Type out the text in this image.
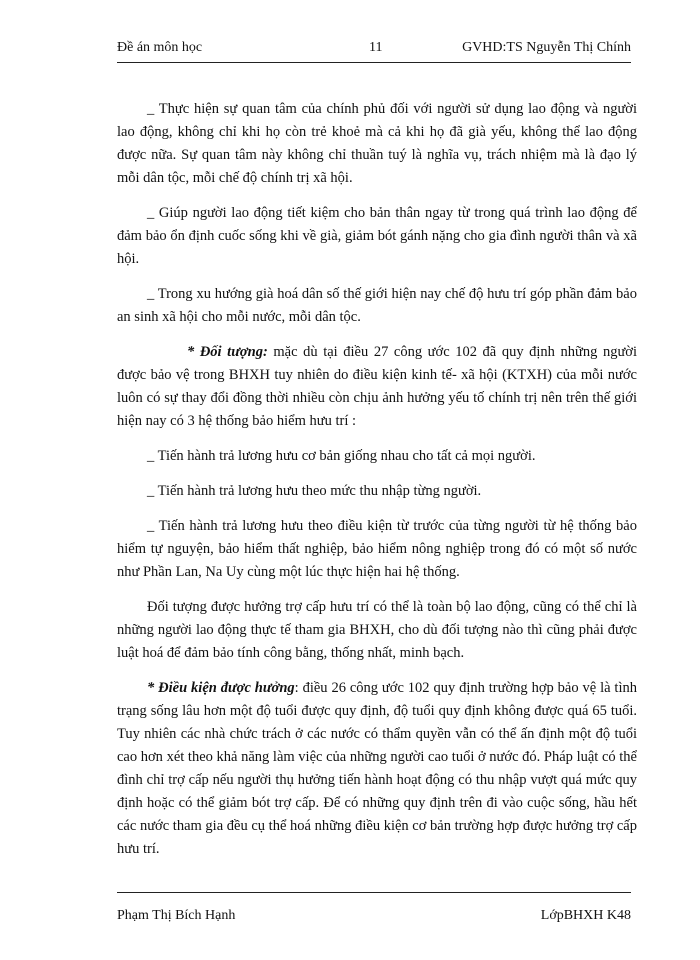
Đề án môn học	11	GVHD:TS Nguyễn Thị Chính

_ Thực hiện sự quan tâm của chính phủ đối với người sử dụng lao động và người lao động, không chỉ khi họ còn trẻ khoẻ mà cả khi họ đã già yếu, không thể lao động được nữa. Sự quan tâm này không chỉ thuần tuý là nghĩa vụ, trách nhiệm mà là đạo lý mỗi dân tộc, mỗi chế độ chính trị xã hội.

_ Giúp người lao động tiết kiệm cho bản thân ngay từ trong quá trình lao động để đảm bảo ổn định cuốc sống khi về già, giảm bót gánh nặng cho gia đình người thân và xã hội.

_ Trong xu hướng già hoá dân số thế giới hiện nay chế độ hưu trí góp phần đảm bảo an sinh xã hội cho mỗi nước, mỗi dân tộc.

* Đối tượng: mặc dù tại điều 27 công ước 102 đã quy định những người được bảo vệ trong BHXH tuy nhiên do điều kiện kinh tế- xã hội (KTXH) của mỗi nước luôn có sự thay đổi đồng thời nhiều còn chịu ảnh hưởng yếu tố chính trị nên trên thế giới hiện nay có 3 hệ thống bảo hiểm hưu trí :

_ Tiến hành trả lương hưu cơ bản giống nhau cho tất cả mọi người.

_ Tiến hành trả lương hưu theo mức thu nhập từng người.

_ Tiến hành trả lương hưu theo điều kiện từ trước của từng người từ hệ thống bảo hiểm tự nguyện, bảo hiểm thất nghiệp, bảo hiểm nông nghiệp trong đó có một số nước như Phần Lan, Na Uy cùng một lúc thực hiện hai hệ thống.

Đối tượng được hưởng trợ cấp hưu trí có thể là toàn bộ lao động, cũng có thể chỉ là những người lao động thực tế tham gia BHXH, cho dù đối tượng nào thì cũng phải được luật hoá để đảm bảo tính công bằng, thống nhất, minh bạch.

* Điều kiện được hưởng: điều 26 công ước 102 quy định trường hợp bảo vệ là tình trạng sống lâu hơn một độ tuổi được quy định, độ tuổi quy định không được quá 65 tuổi. Tuy nhiên các nhà chức trách ở các nước có thẩm quyền vẫn có thể ấn định một độ tuổi cao hơn xét theo khả năng làm việc của những người cao tuổi ở nước đó. Pháp luật có thể đình chỉ trợ cấp nếu người thụ hưởng tiến hành hoạt động có thu nhập vượt quá mức quy định hoặc có thể giảm bót trợ cấp. Để có những quy định trên đi vào cuộc sống, hầu hết các nước tham gia đều cụ thể hoá những điều kiện cơ bản trường hợp được hưởng trợ cấp hưu trí.

Phạm Thị Bích Hạnh	LớpBHXH K48
